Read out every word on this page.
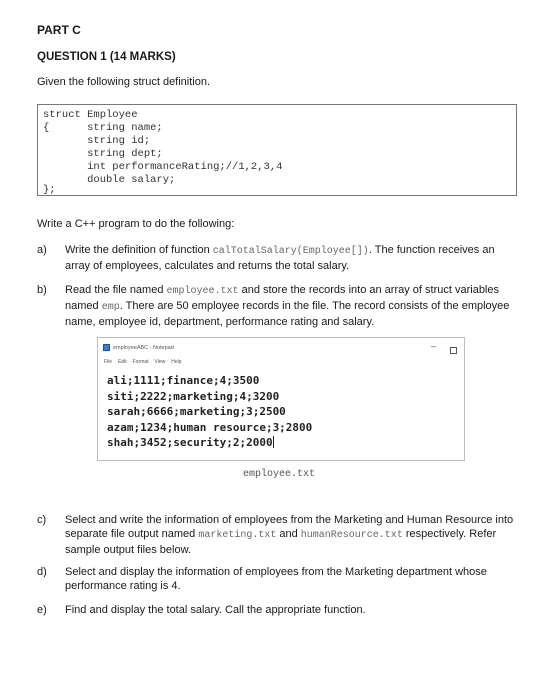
PART C
QUESTION 1 (14 MARKS)
Given the following struct definition.
struct Employee
{      string name;
string id;
string dept;
int performanceRating;//1,2,3,4
double salary;
};
Write a C++ program to do the following:
a) Write the definition of function calTotalSalary(Employee[]). The function receives an array of employees, calculates and returns the total salary.
b) Read the file named employee.txt and store the records into an array of struct variables named emp. There are 50 employee records in the file. The record consists of the employee name, employee id, department, performance rating and salary.
employeeABC - Notepad
File Edit Format View Help
–
ali;1111;finance;4;3500
siti;2222;marketing;4;3200
sarah;6666;marketing;3;2500
azam;1234;human resource;3;2800
shah;3452;security;2;2000
employee.txt
c) Select and write the information of employees from the Marketing and Human Resource into separate file output named marketing.txt and humanResource.txt respectively. Refer sample output files below.
d) Select and display the information of employees from the Marketing department whose performance rating is 4.
e) Find and display the total salary. Call the appropriate function.
